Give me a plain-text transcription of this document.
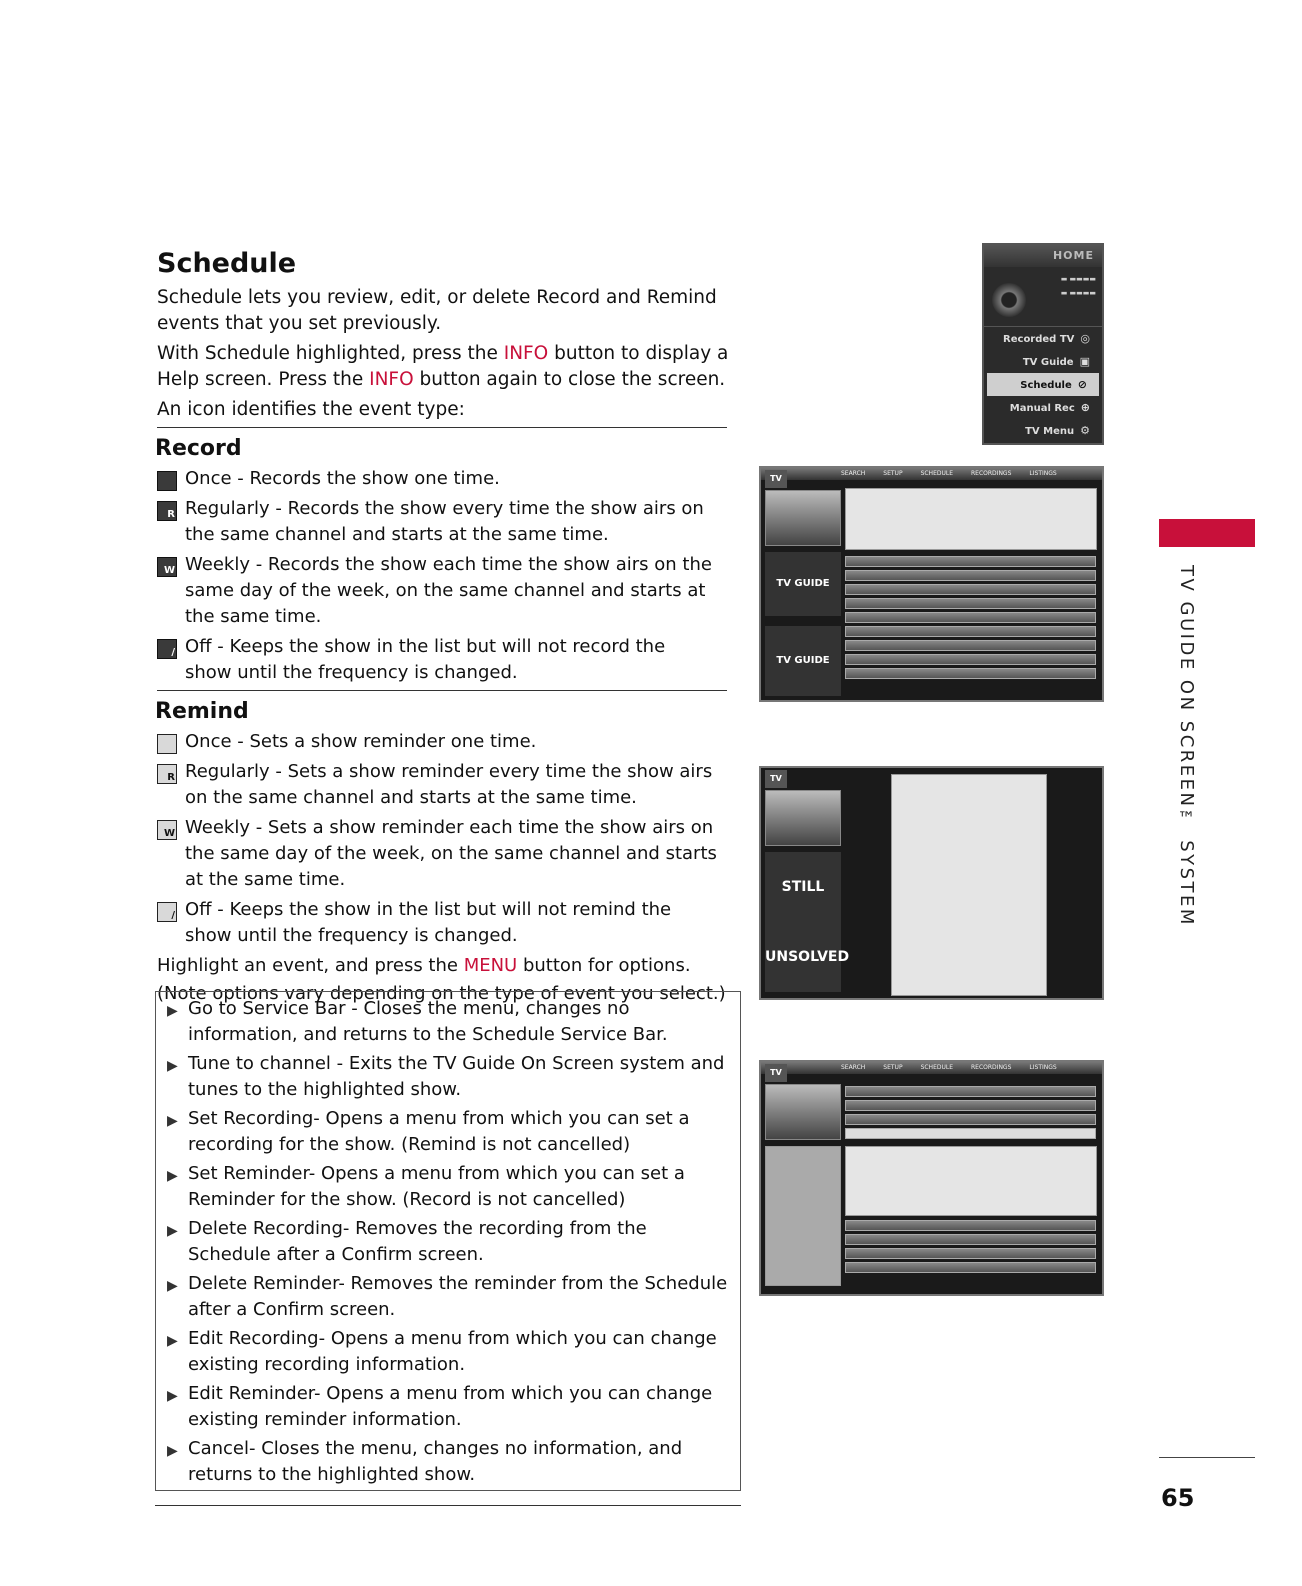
Schedule
Schedule lets you review, edit, or delete Record and Remind events that you set previously.
With Schedule highlighted, press the INFO button to display a Help screen. Press the INFO button again to close the screen.
An icon identifies the event type:
Record
Once - Records the show one time.
R Regularly - Records the show every time the show airs on the same channel and starts at the same time.
W Weekly - Records the show each time the show airs on the same day of the week, on the same channel and starts at the same time.
/ Off - Keeps the show in the list but will not record the show until the frequency is changed.
Remind
Once - Sets a show reminder one time.
R Regularly - Sets a show reminder every time the show airs on the same channel and starts at the same time.
W Weekly - Sets a show reminder each time the show airs on the same day of the week, on the same channel and starts at the same time.
/ Off - Keeps the show in the list but will not remind the show until the frequency is changed.
Highlight an event, and press the MENU button for options.
(Note options vary depending on the type of event you select.)
▶ Go to Service Bar - Closes the menu, changes no information, and returns to the Schedule Service Bar.
▶ Tune to channel - Exits the TV Guide On Screen system and tunes to the highlighted show.
▶ Set Recording- Opens a menu from which you can set a recording for the show. (Remind is not cancelled)
▶ Set Reminder- Opens a menu from which you can set a Reminder for the show. (Record is not cancelled)
▶ Delete Recording- Removes the recording from the Schedule after a Confirm screen.
▶ Delete Reminder- Removes the reminder from the Schedule after a Confirm screen.
▶ Edit Recording- Opens a menu from which you can change existing recording information.
▶ Edit Reminder- Opens a menu from which you can change existing reminder information.
▶ Cancel- Closes the menu, changes no information, and returns to the highlighted show.
HOME
▬ ▬▬▬▬
▬ ▬▬▬▬
Recorded TV ◎
TV Guide ▣
Schedule ⊘
Manual Rec ⊕
TV Menu ⚙
SEARCH	SETUP	SCHEDULE	RECORDINGS	LISTINGS
TV
TV GUIDE
TV GUIDE
TV
STILL UNSOLVED
SEARCH	SETUP	SCHEDULE	RECORDINGS	LISTINGS
TV
TV GUIDE ON SCREEN™ SYSTEM
65
